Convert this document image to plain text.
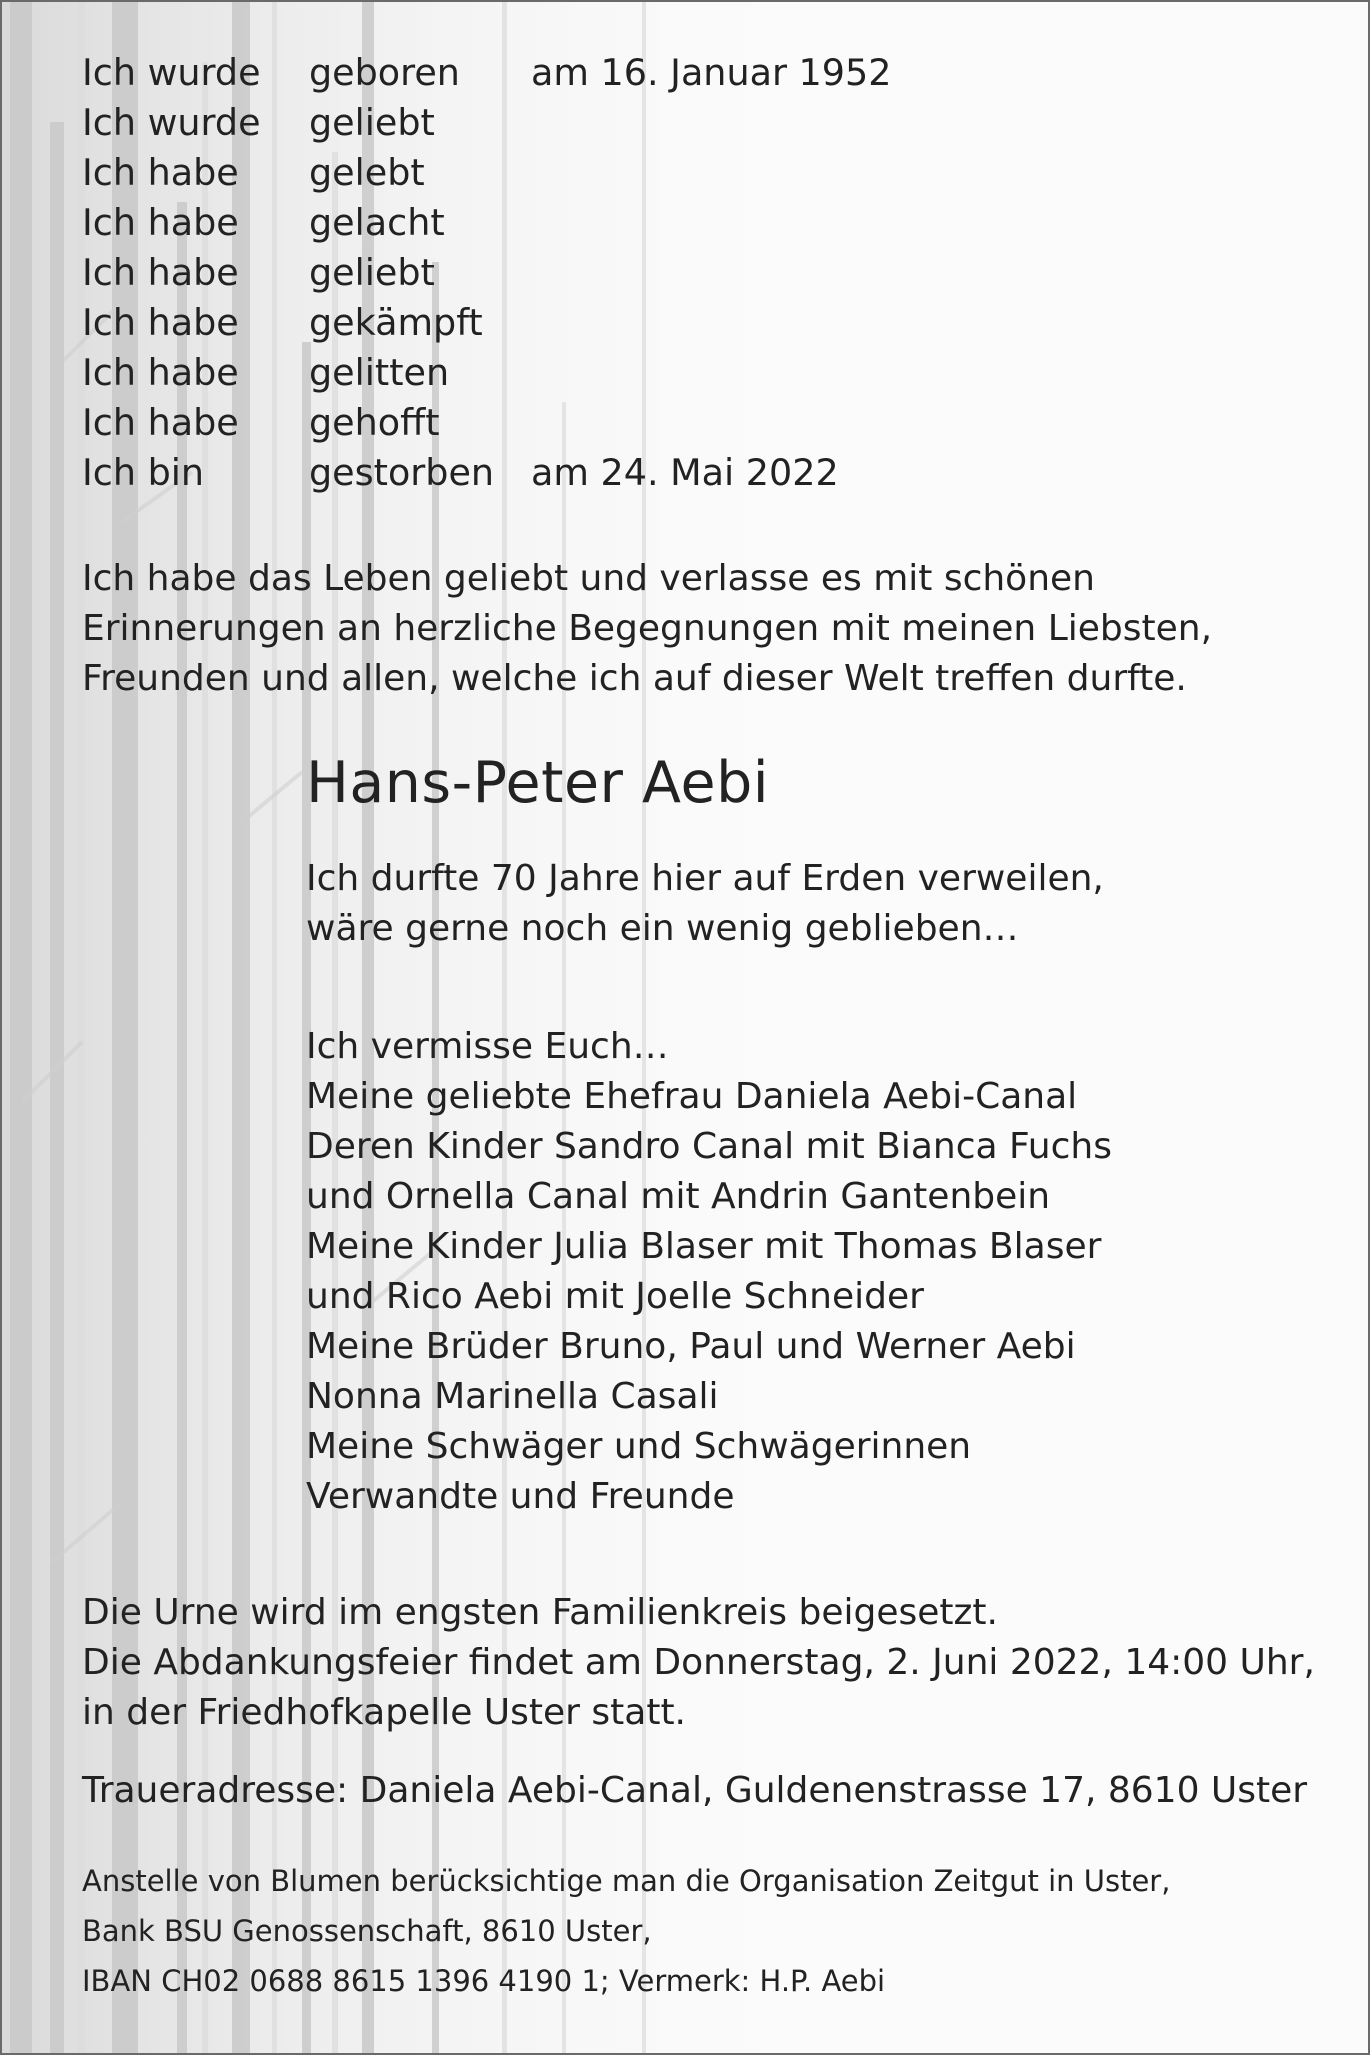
Ich wurde	geboren	am 16. Januar 1952
Ich wurde	geliebt
Ich habe	gelebt
Ich habe	gelacht
Ich habe	geliebt
Ich habe	gekämpft
Ich habe	gelitten
Ich habe	gehofft
Ich bin	gestorben	am 24. Mai 2022
Ich habe das Leben geliebt und verlasse es mit schönen
Erinnerungen an herzliche Begegnungen mit meinen Liebsten,
Freunden und allen, welche ich auf dieser Welt treffen durfte.
Hans-Peter Aebi
Ich durfte 70 Jahre hier auf Erden verweilen,
wäre gerne noch ein wenig geblieben…
Ich vermisse Euch…
Meine geliebte Ehefrau Daniela Aebi-Canal
Deren Kinder Sandro Canal mit Bianca Fuchs
und Ornella Canal mit Andrin Gantenbein
Meine Kinder Julia Blaser mit Thomas Blaser
und Rico Aebi mit Joelle Schneider
Meine Brüder Bruno, Paul und Werner Aebi
Nonna Marinella Casali
Meine Schwäger und Schwägerinnen
Verwandte und Freunde
Die Urne wird im engsten Familienkreis beigesetzt.
Die Abdankungsfeier findet am Donnerstag, 2. Juni 2022, 14:00 Uhr,
in der Friedhofkapelle Uster statt.
Traueradresse: Daniela Aebi-Canal, Guldenenstrasse 17, 8610 Uster
Anstelle von Blumen berücksichtige man die Organisation Zeitgut in Uster,
Bank BSU Genossenschaft, 8610 Uster,
IBAN CH02 0688 8615 1396 4190 1; Vermerk: H.P. Aebi
